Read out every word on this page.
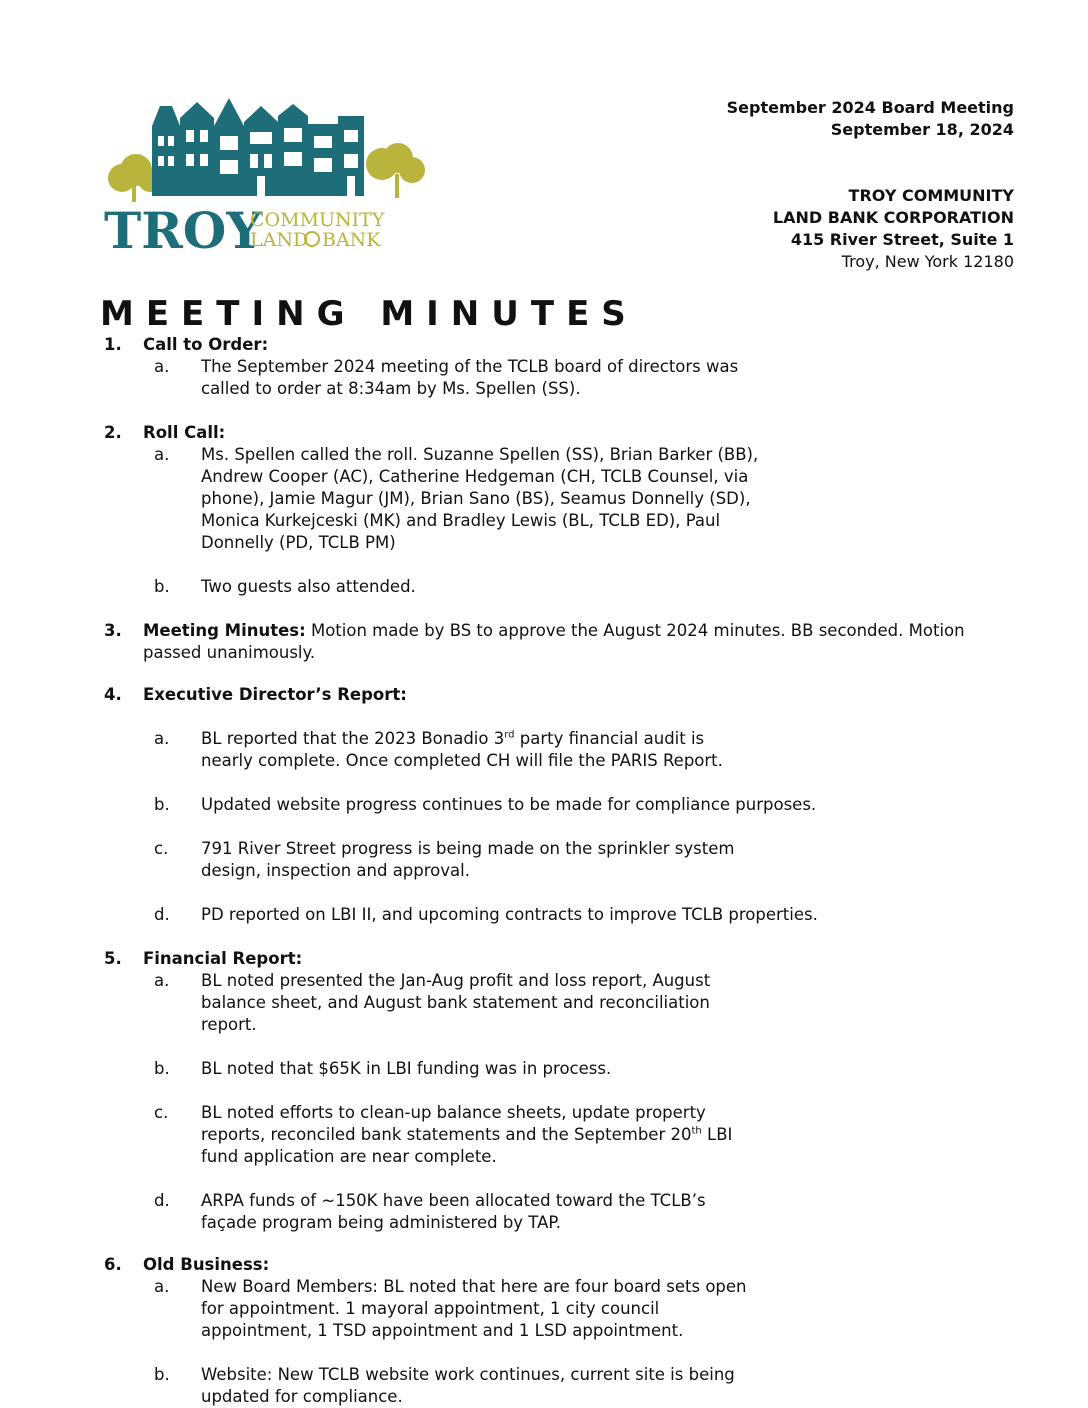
TROY
COMMUNITY
LAND BANK
September 2024 Board Meeting
September 18, 2024
TROY COMMUNITY
LAND BANK CORPORATION
415 River Street, Suite 1
Troy, New York 12180
MEETING MINUTES
1. Call to Order:
a. The September 2024 meeting of the TCLB board of directors was called to order at 8:34am by Ms. Spellen (SS).
2. Roll Call:
a. Ms. Spellen called the roll. Suzanne Spellen (SS), Brian Barker (BB), Andrew Cooper (AC), Catherine Hedgeman (CH, TCLB Counsel, via phone), Jamie Magur (JM), Brian Sano (BS), Seamus Donnelly (SD), Monica Kurkejceski (MK) and Bradley Lewis (BL, TCLB ED), Paul Donnelly (PD, TCLB PM)
b. Two guests also attended.
3. Meeting Minutes: Motion made by BS to approve the August 2024 minutes. BB seconded. Motion passed unanimously.
4. Executive Director’s Report:
a. BL reported that the 2023 Bonadio 3rd party financial audit is nearly complete. Once completed CH will file the PARIS Report.
b. Updated website progress continues to be made for compliance purposes.
c. 791 River Street progress is being made on the sprinkler system design, inspection and approval.
d. PD reported on LBI II, and upcoming contracts to improve TCLB properties.
5. Financial Report:
a. BL noted presented the Jan-Aug profit and loss report, August balance sheet, and August bank statement and reconciliation report.
b. BL noted that $65K in LBI funding was in process.
c. BL noted efforts to clean-up balance sheets, update property reports, reconciled bank statements and the September 20th LBI fund application are near complete.
d. ARPA funds of ~150K have been allocated toward the TCLB’s façade program being administered by TAP.
6. Old Business:
a. New Board Members: BL noted that here are four board sets open for appointment. 1 mayoral appointment, 1 city council appointment, 1 TSD appointment and 1 LSD appointment.
b. Website: New TCLB website work continues, current site is being updated for compliance.
